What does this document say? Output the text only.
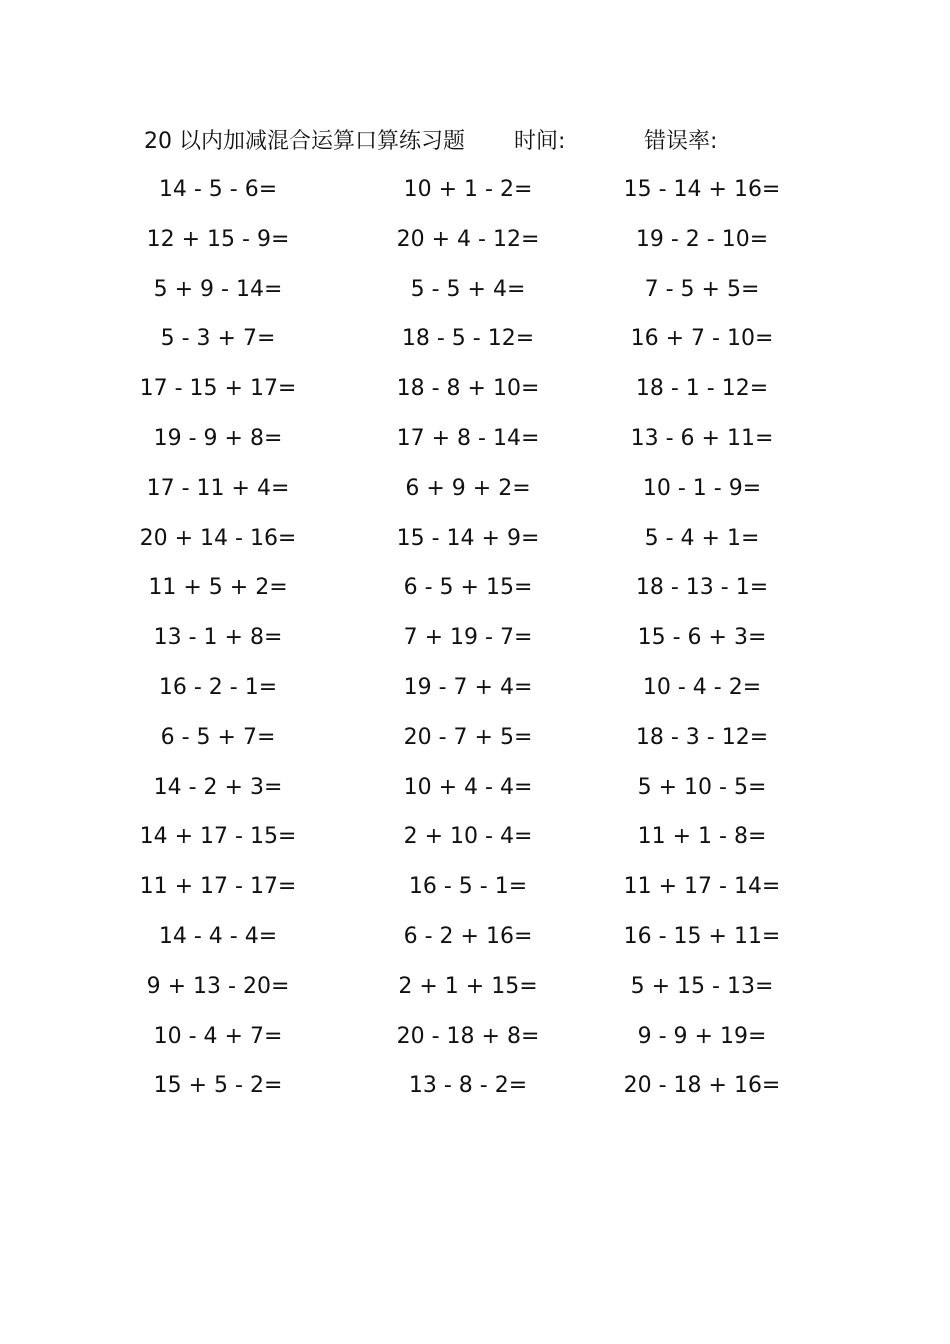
20 以内加减混合运算口算练习题 时间:	错误率:
14 - 5 - 6=
12 + 15 - 9=
5 + 9 - 14=
5 - 3 + 7=
17 - 15 + 17=
19 - 9 + 8=
17 - 11 + 4=
20 + 14 - 16=
11 + 5 + 2=
13 - 1 + 8=
16 - 2 - 1=
6 - 5 + 7=
14 - 2 + 3=
14 + 17 - 15=
11 + 17 - 17=
14 - 4 - 4=
9 + 13 - 20=
10 - 4 + 7=
15 + 5 - 2=
10 + 1 - 2=
20 + 4 - 12=
5 - 5 + 4=
18 - 5 - 12=
18 - 8 + 10=
17 + 8 - 14=
6 + 9 + 2=
15 - 14 + 9=
6 - 5 + 15=
7 + 19 - 7=
19 - 7 + 4=
20 - 7 + 5=
10 + 4 - 4=
2 + 10 - 4=
16 - 5 - 1=
6 - 2 + 16=
2 + 1 + 15=
20 - 18 + 8=
13 - 8 - 2=
15 - 14 + 16=
19 - 2 - 10=
7 - 5 + 5=
16 + 7 - 10=
18 - 1 - 12=
13 - 6 + 11=
10 - 1 - 9=
5 - 4 + 1=
18 - 13 - 1=
15 - 6 + 3=
10 - 4 - 2=
18 - 3 - 12=
5 + 10 - 5=
11 + 1 - 8=
11 + 17 - 14=
16 - 15 + 11=
5 + 15 - 13=
9 - 9 + 19=
20 - 18 + 16=
